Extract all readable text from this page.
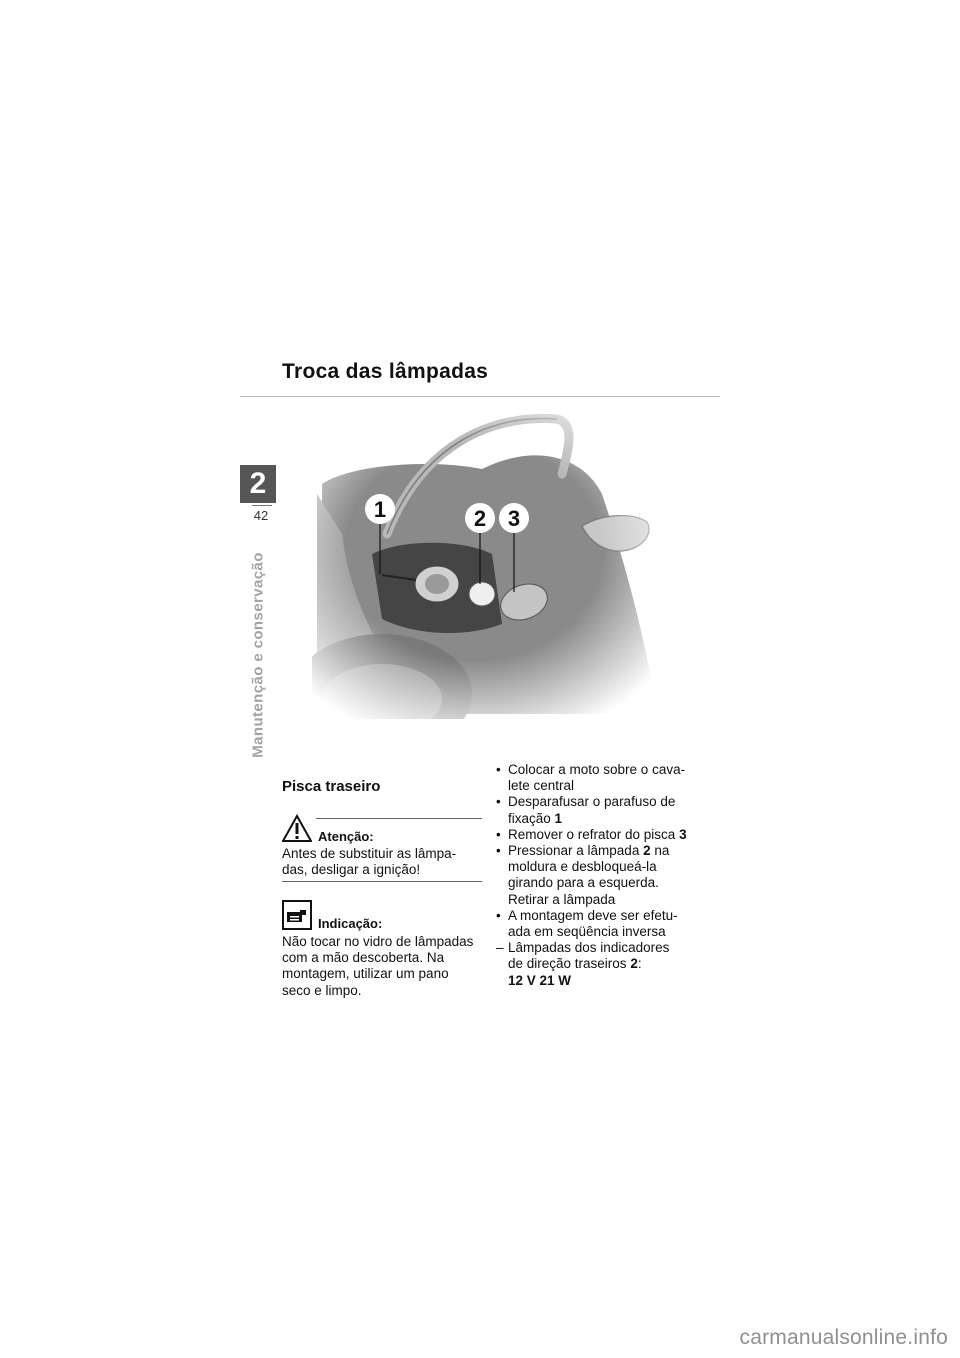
Troca das lâmpadas
2
42
Manutenção e conservação
1	2 3
Pisca traseiro
Atenção:
Antes de substituir as lâmpa-
das, desligar a ignição!
Indicação:
Não tocar no vidro de lâmpadas
com a mão descoberta. Na
montagem, utilizar um pano
seco e limpo.
• Colocar a moto sobre o cava-
lete central
• Desparafusar o parafuso de
fixação 1
• Remover o refrator do pisca 3
• Pressionar a lâmpada 2 na
moldura e desbloqueá-la
girando para a esquerda.
Retirar a lâmpada
• A montagem deve ser efetu-
ada em seqüência inversa
– Lâmpadas dos indicadores
de direção traseiros 2:
12 V 21 W
carmanualsonline.info
